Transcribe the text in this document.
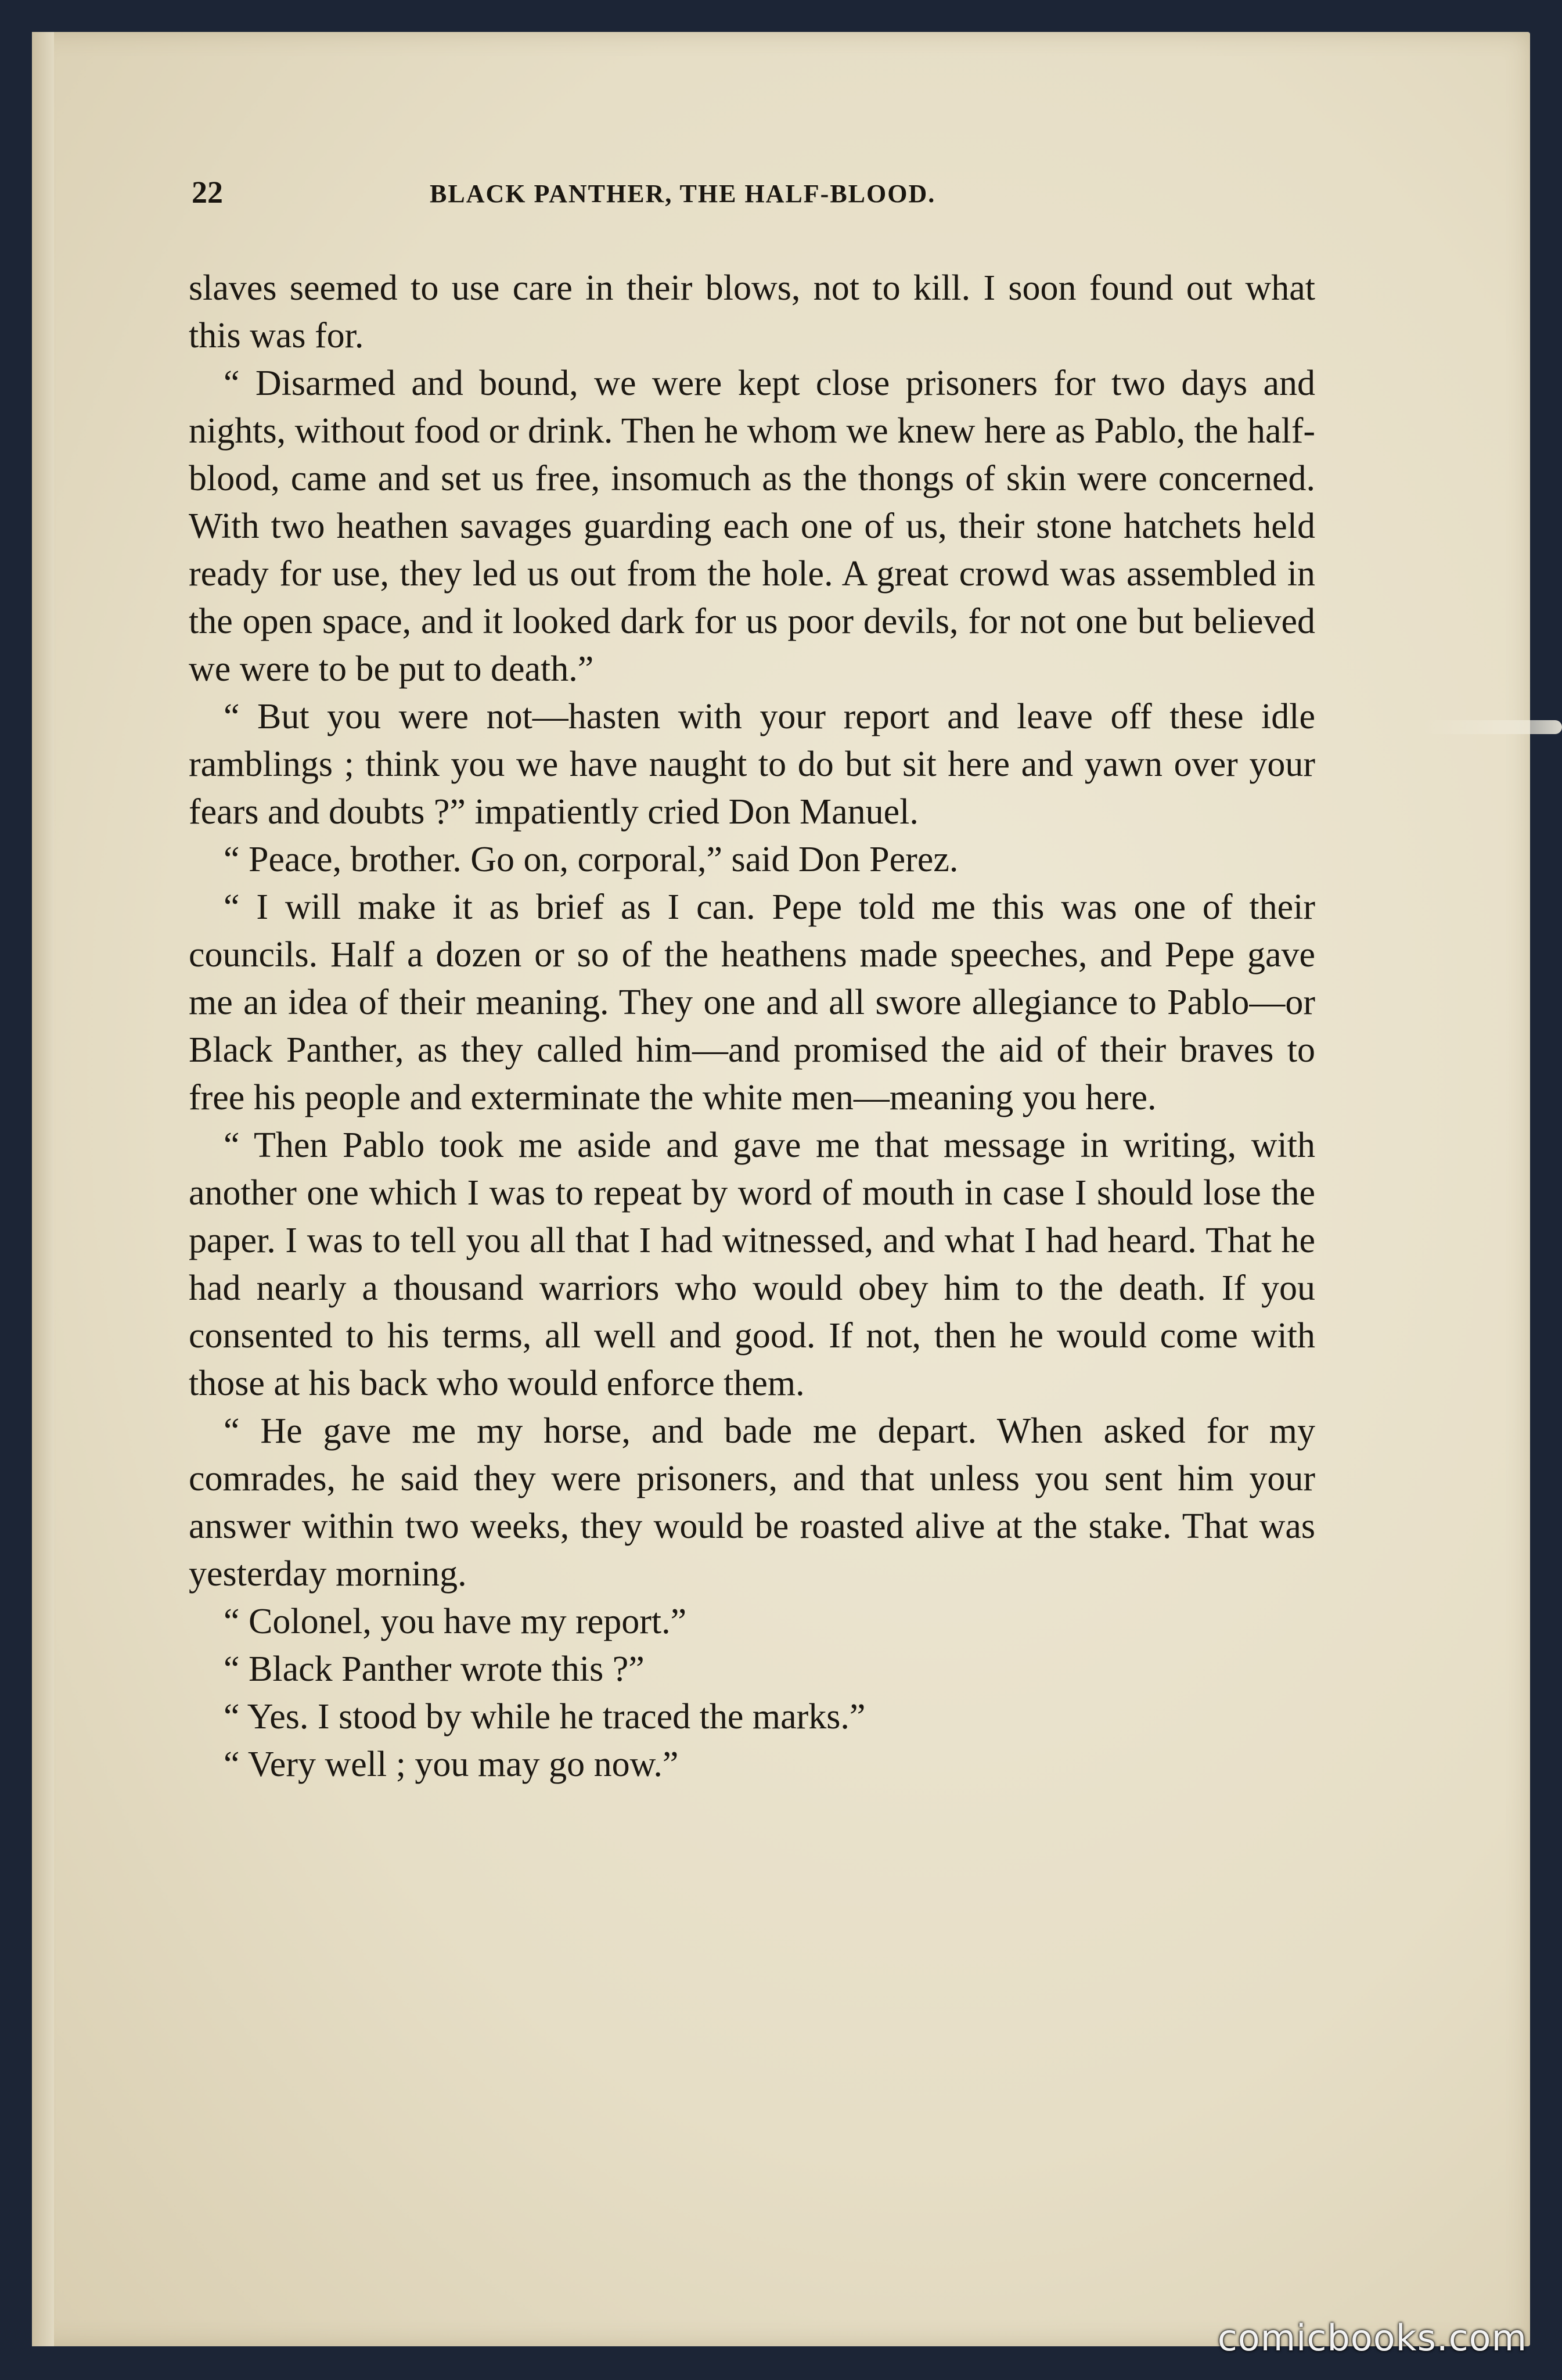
22	BLACK PANTHER, THE HALF-BLOOD.

slaves seemed to use care in their blows, not to kill. I soon found out what this was for.

“ Disarmed and bound, we were kept close prisoners for two days and nights, without food or drink. Then he whom we knew here as Pablo, the half-blood, came and set us free, insomuch as the thongs of skin were concerned. With two heathen savages guarding each one of us, their stone hatchets held ready for use, they led us out from the hole. A great crowd was assembled in the open space, and it looked dark for us poor devils, for not one but believed we were to be put to death.”

“ But you were not—hasten with your report and leave off these idle ramblings ; think you we have naught to do but sit here and yawn over your fears and doubts ?” impatiently cried Don Manuel.

“ Peace, brother. Go on, corporal,” said Don Perez.

“ I will make it as brief as I can. Pepe told me this was one of their councils. Half a dozen or so of the heathens made speeches, and Pepe gave me an idea of their meaning. They one and all swore allegiance to Pablo—or Black Panther, as they called him—and promised the aid of their braves to free his people and exterminate the white men—meaning you here.

“ Then Pablo took me aside and gave me that message in writing, with another one which I was to repeat by word of mouth in case I should lose the paper. I was to tell you all that I had witnessed, and what I had heard. That he had nearly a thousand warriors who would obey him to the death. If you consented to his terms, all well and good. If not, then he would come with those at his back who would enforce them.

“ He gave me my horse, and bade me depart. When asked for my comrades, he said they were prisoners, and that unless you sent him your answer within two weeks, they would be roasted alive at the stake. That was yesterday morning.

“ Colonel, you have my report.”

“ Black Panther wrote this ?”

“ Yes. I stood by while he traced the marks.”

“ Very well ; you may go now.”

comicbooks.com
